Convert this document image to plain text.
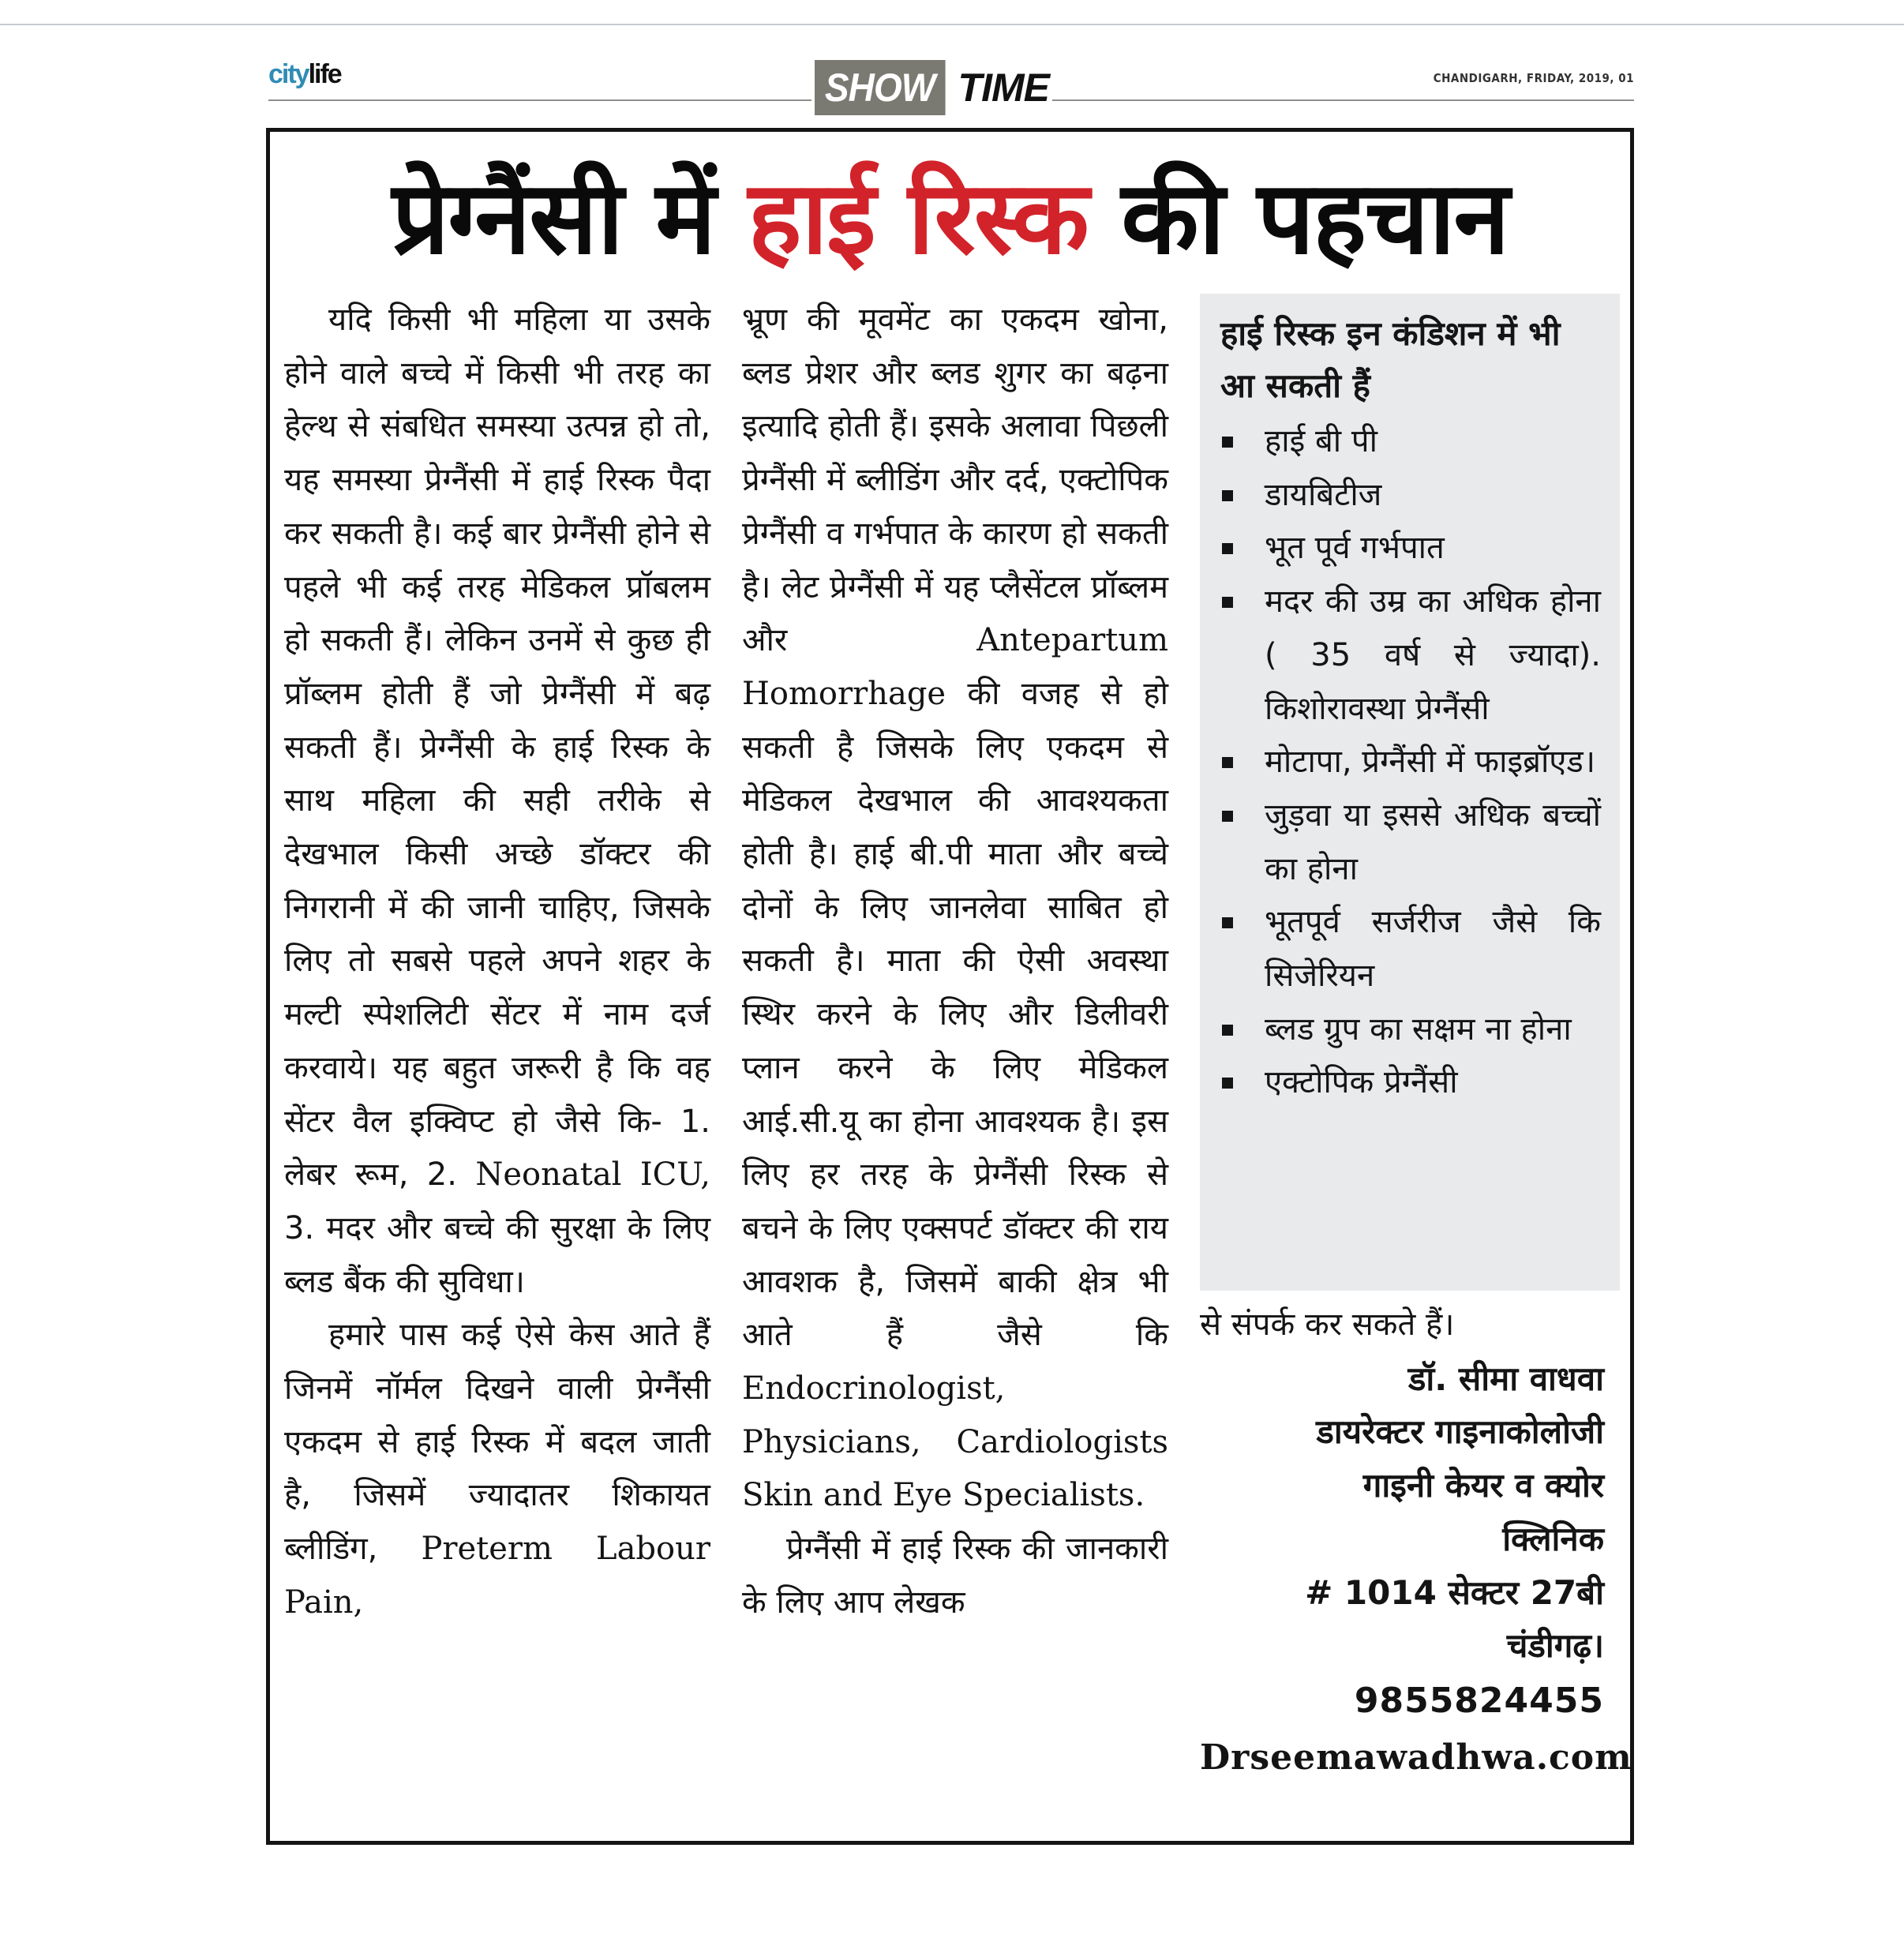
citylife	SHOW TIME	CHANDIGARH, FRIDAY, 2019, 01
प्रेग्नैंसी में हाई रिस्क की पहचान

यदि किसी भी महिला या उसके होने वाले बच्चे में किसी भी तरह का हेल्थ से संबधित समस्या उत्पन्न हो तो, यह समस्या प्रेग्नैंसी में हाई रिस्क पैदा कर सकती है। कई बार प्रेग्नैंसी होने से पहले भी कई तरह मेडिकल प्रॉबलम हो सकती हैं। लेकिन उनमें से कुछ ही प्रॉब्लम होती हैं जो प्रेग्नैंसी में बढ़ सकती हैं। प्रेग्नैंसी के हाई रिस्क के साथ महिला की सही तरीके से देखभाल किसी अच्छे डॉक्टर की निगरानी में की जानी चाहिए, जिसके लिए तो सबसे पहले अपने शहर के मल्टी स्पेशलिटी सेंटर में नाम दर्ज करवाये। यह बहुत जरूरी है कि वह सेंटर वैल इक्विप्ट हो जैसे कि- 1. लेबर रूम, 2. Neonatal ICU, 3. मदर और बच्चे की सुरक्षा के लिए ब्लड बैंक की सुविधा।

हमारे पास कई ऐसे केस आते हैं जिनमें नॉर्मल दिखने वाली प्रेग्नैंसी एकदम से हाई रिस्क में बदल जाती है, जिसमें ज्यादातर शिकायत ब्लीडिंग, Preterm Labour Pain,

भ्रूण की मूवमेंट का एकदम खोना, ब्लड प्रेशर और ब्लड शुगर का बढ़ना इत्यादि होती हैं। इसके अलावा पिछली प्रेग्नैंसी में ब्लीडिंग और दर्द, एक्टोपिक प्रेग्नैंसी व गर्भपात के कारण हो सकती है। लेट प्रेग्नैंसी में यह प्लैसेंटल प्रॉब्लम और	Antepartum Homorrhage की वजह से हो सकती है जिसके लिए एकदम से मेडिकल देखभाल की आवश्यकता होती है। हाई बी.पी माता और बच्चे दोनों के लिए जानलेवा साबित हो सकती है। माता की ऐसी अवस्था स्थिर करने के लिए और डिलीवरी प्लान करने के लिए मेडिकल आई.सी.यू का होना आवश्यक है। इस लिए हर तरह के प्रेग्नैंसी रिस्क से बचने के लिए एक्सपर्ट डॉक्टर की राय आवशक है, जिसमें बाकी क्षेत्र भी आते हैं जैसे कि Endocrinologist, Physicians, Cardiologists Skin and Eye Specialists.

प्रेग्नैंसी में हाई रिस्क की जानकारी के लिए आप लेखक

हाई रिस्क इन कंडिशन में भी आ सकती हैं
हाई बी पी
डायबिटीज
भूत पूर्व गर्भपात
मदर की उम्र का अधिक होना ( 35 वर्ष से ज्यादा). किशोरावस्था प्रेग्नैंसी
मोटापा, प्रेग्नैंसी में फाइब्रॉएड।
जुड़वा या इससे अधिक बच्चों का होना
भूतपूर्व सर्जरीज जैसे कि सिजेरियन
ब्लड ग्रुप का सक्षम ना होना
एक्टोपिक प्रेग्नैंसी
से संपर्क कर सकते हैं।
डॉ. सीमा वाधवा
डायरेक्टर गाइनाकोलोजी
गाइनी केयर व क्योर
क्लिनिक
# 1014 सेक्टर 27बी
चंडीगढ़।
9855824455
Drseemawadhwa.com
